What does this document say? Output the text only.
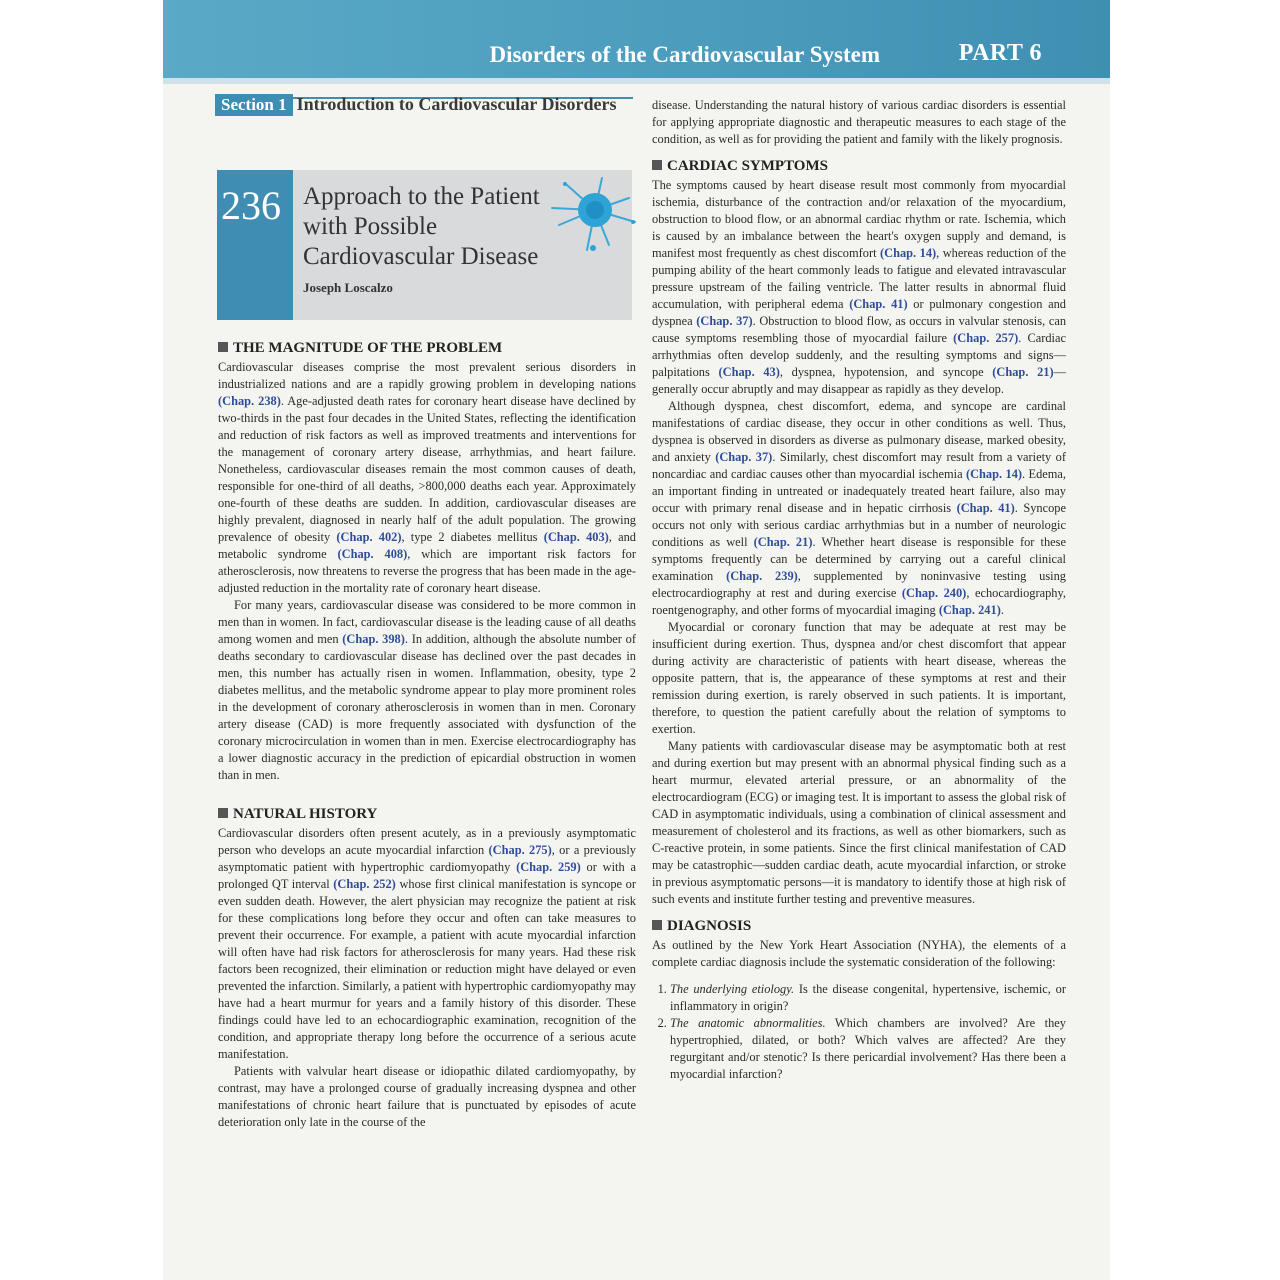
Disorders of the Cardiovascular System	PART 6
Section 1 Introduction to Cardiovascular Disorders
236 Approach to the Patient with Possible Cardiovascular Disease
Joseph Loscalzo
THE MAGNITUDE OF THE PROBLEM

Cardiovascular diseases comprise the most prevalent serious disorders in industrialized nations and are a rapidly growing problem in developing nations (Chap. 238). Age-adjusted death rates for coronary heart disease have declined by two-thirds in the past four decades in the United States, reflecting the identification and reduction of risk factors as well as improved treatments and interventions for the management of coronary artery disease, arrhythmias, and heart failure. Nonetheless, cardiovascular diseases remain the most common causes of death, responsible for one-third of all deaths, >800,000 deaths each year. Approximately one-fourth of these deaths are sudden. In addition, cardiovascular diseases are highly prevalent, diagnosed in nearly half of the adult population. The growing prevalence of obesity (Chap. 402), type 2 diabetes mellitus (Chap. 403), and metabolic syndrome (Chap. 408), which are important risk factors for atherosclerosis, now threatens to reverse the progress that has been made in the age-adjusted reduction in the mortality rate of coronary heart disease.

For many years, cardiovascular disease was considered to be more common in men than in women. In fact, cardiovascular disease is the leading cause of all deaths among women and men (Chap. 398). In addition, although the absolute number of deaths secondary to cardiovascular disease has declined over the past decades in men, this number has actually risen in women. Inflammation, obesity, type 2 diabetes mellitus, and the metabolic syndrome appear to play more prominent roles in the development of coronary atherosclerosis in women than in men. Coronary artery disease (CAD) is more frequently associated with dysfunction of the coronary microcirculation in women than in men. Exercise electrocardiography has a lower diagnostic accuracy in the prediction of epicardial obstruction in women than in men.

NATURAL HISTORY

Cardiovascular disorders often present acutely, as in a previously asymptomatic person who develops an acute myocardial infarction (Chap. 275), or a previously asymptomatic patient with hypertrophic cardiomyopathy (Chap. 259) or with a prolonged QT interval (Chap. 252) whose first clinical manifestation is syncope or even sudden death. However, the alert physician may recognize the patient at risk for these complications long before they occur and often can take measures to prevent their occurrence. For example, a patient with acute myocardial infarction will often have had risk factors for atherosclerosis for many years. Had these risk factors been recognized, their elimination or reduction might have delayed or even prevented the infarction. Similarly, a patient with hypertrophic cardiomyopathy may have had a heart murmur for years and a family history of this disorder. These findings could have led to an echocardiographic examination, recognition of the condition, and appropriate therapy long before the occurrence of a serious acute manifestation.

Patients with valvular heart disease or idiopathic dilated cardiomyopathy, by contrast, may have a prolonged course of gradually increasing dyspnea and other manifestations of chronic heart failure that is punctuated by episodes of acute deterioration only late in the course of the

disease. Understanding the natural history of various cardiac disorders is essential for applying appropriate diagnostic and therapeutic measures to each stage of the condition, as well as for providing the patient and family with the likely prognosis.

CARDIAC SYMPTOMS

The symptoms caused by heart disease result most commonly from myocardial ischemia, disturbance of the contraction and/or relaxation of the myocardium, obstruction to blood flow, or an abnormal cardiac rhythm or rate. Ischemia, which is caused by an imbalance between the heart's oxygen supply and demand, is manifest most frequently as chest discomfort (Chap. 14), whereas reduction of the pumping ability of the heart commonly leads to fatigue and elevated intravascular pressure upstream of the failing ventricle. The latter results in abnormal fluid accumulation, with peripheral edema (Chap. 41) or pulmonary congestion and dyspnea (Chap. 37). Obstruction to blood flow, as occurs in valvular stenosis, can cause symptoms resembling those of myocardial failure (Chap. 257). Cardiac arrhythmias often develop suddenly, and the resulting symptoms and signs—palpitations (Chap. 43), dyspnea, hypotension, and syncope (Chap. 21)—generally occur abruptly and may disappear as rapidly as they develop.

Although dyspnea, chest discomfort, edema, and syncope are cardinal manifestations of cardiac disease, they occur in other conditions as well. Thus, dyspnea is observed in disorders as diverse as pulmonary disease, marked obesity, and anxiety (Chap. 37). Similarly, chest discomfort may result from a variety of noncardiac and cardiac causes other than myocardial ischemia (Chap. 14). Edema, an important finding in untreated or inadequately treated heart failure, also may occur with primary renal disease and in hepatic cirrhosis (Chap. 41). Syncope occurs not only with serious cardiac arrhythmias but in a number of neurologic conditions as well (Chap. 21). Whether heart disease is responsible for these symptoms frequently can be determined by carrying out a careful clinical examination (Chap. 239), supplemented by noninvasive testing using electrocardiography at rest and during exercise (Chap. 240), echocardiography, roentgenography, and other forms of myocardial imaging (Chap. 241).

Myocardial or coronary function that may be adequate at rest may be insufficient during exertion. Thus, dyspnea and/or chest discomfort that appear during activity are characteristic of patients with heart disease, whereas the opposite pattern, that is, the appearance of these symptoms at rest and their remission during exertion, is rarely observed in such patients. It is important, therefore, to question the patient carefully about the relation of symptoms to exertion.

Many patients with cardiovascular disease may be asymptomatic both at rest and during exertion but may present with an abnormal physical finding such as a heart murmur, elevated arterial pressure, or an abnormality of the electrocardiogram (ECG) or imaging test. It is important to assess the global risk of CAD in asymptomatic individuals, using a combination of clinical assessment and measurement of cholesterol and its fractions, as well as other biomarkers, such as C-reactive protein, in some patients. Since the first clinical manifestation of CAD may be catastrophic—sudden cardiac death, acute myocardial infarction, or stroke in previous asymptomatic persons—it is mandatory to identify those at high risk of such events and institute further testing and preventive measures.

DIAGNOSIS

As outlined by the New York Heart Association (NYHA), the elements of a complete cardiac diagnosis include the systematic consideration of the following:

1. The underlying etiology. Is the disease congenital, hypertensive, ischemic, or inflammatory in origin?
2. The anatomic abnormalities. Which chambers are involved? Are they hypertrophied, dilated, or both? Which valves are affected? Are they regurgitant and/or stenotic? Is there pericardial involvement? Has there been a myocardial infarction?
